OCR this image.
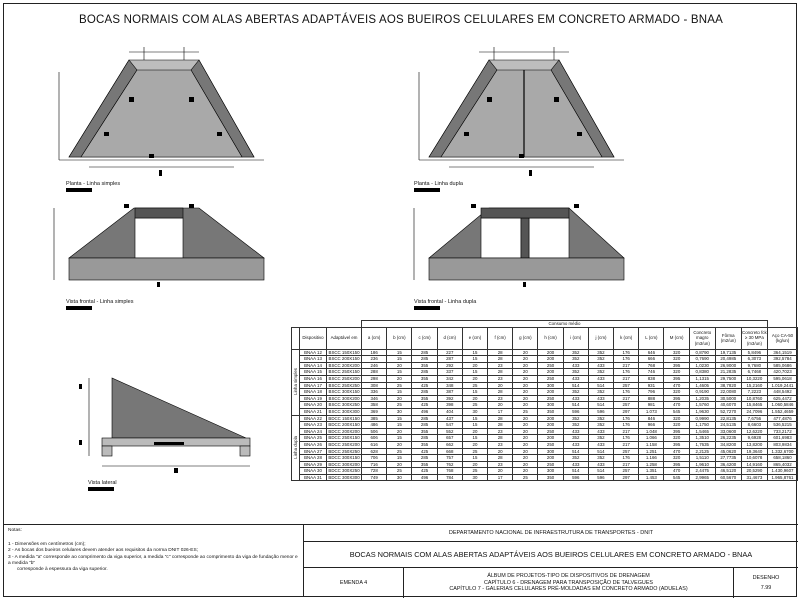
BOCAS NORMAIS COM ALAS ABERTAS ADAPTÁVEIS AOS BUEIROS CELULARES EM CONCRETO ARMADO - BNAA
Planta - Linha simples	Planta - Linha dupla
Vista frontal - Linha simples	Vista frontal - Linha dupla
Vista lateral
			Consumo médio																
	Dispositivo	Adaptável em	a (cm)	b (cm)	c (cm)	d (cm)	e (cm)	f (cm)	g (cm)	h (cm)	i (cm)	j (cm)	k (cm)	L (cm)	M (cm)	Concreto magro (m3/un)	Fôrma (m2/un)	Concreto fck ≥ 30 MPa (m3/un)	Aço CA-50 (kg/un)
Linha simples	BNAA 12	BSCC 150X150	186	15	285	227	15	28	20	200	352	352	176	646	320	0,8790	19,7135	5,8496	364,1519
	BNAA 13	BSCC 200X150	236	15	285	287	15	28	20	200	352	352	176	666	320	0,7690	20,4985	6,3073	392,5784
	BNAA 14	BSCC 200X200	246	20	355	292	20	23	20	250	433	433	217	768	395	1,0230	26,9000	9,7680	585,0686
	BNAA 15	BSCC 250X150	288	15	285	337	15	28	20	200	352	352	176	746	320	0,8380	21,2835	6,7468	420,7023
	BNAA 16	BSCC 250X200	298	20	355	342	20	23	20	250	433	433	217	838	395	1,1315	29,7500	10,3220	595,0618
	BNAA 17	BSCC 250X250	308	25	425	348	25	20	20	300	514	514	257	931	470	1,4605	38,7820	15,2160	1.019,2441
	BNAA 18	BSCC 300X150	336	15	285	387	15	28	20	200	352	352	176	796	320	0,9190	22,0080	7,2223	448,5492
	BNAA 19	BSCC 300X200	346	20	355	392	20	23	20	250	433	433	217	888	395	1,2035	30,5000	10,8760	625,4472
	BNAA 20	BSCC 300X250	358	25	425	398	25	20	20	300	514	514	257	981	470	1,5760	40,6070	15,8465	1.060,5846
	BNAA 21	BSCC 300X300	369	30	496	404	30	17	25	350	596	596	297	1.073	545	1,9630	52,7270	24,7096	1.552,4659
Linha dupla	BNAA 22	BDCC 150X150	385	15	285	437	15	28	20	200	352	352	176	846	320	0,9990	22,8135	7,6756	477,4876
	BNAA 23	BDCC 200X150	486	15	285	547	15	28	20	200	352	352	176	966	320	1,1750	24,5135	8,6603	536,5215
	BNAA 24	BDCC 200X200	506	20	355	552	20	23	20	250	433	433	217	1.048	395	1,5465	33,0600	12,6220	733,2172
	BNAA 25	BDCC 250X150	606	15	285	657	15	28	20	200	352	352	176	1.066	320	1,3510	26,2235	9,6928	601,6983
	BNAA 26	BDCC 250X200	616	20	355	662	20	23	20	250	433	433	217	1.158	395	1,7635	34,8200	13,8200	803,9834
	BNAA 27	BDCC 250X250	628	25	425	668	25	20	20	300	514	514	257	1.251	470	2,2125	45,0620	19,3640	1.332,6700
	BNAA 28	BDCC 300X150	706	15	285	757	15	28	20	200	352	352	176	1.166	320	1,5110	27,7735	10,6078	658,1860
	BNAA 29	BDCC 300X200	716	20	355	762	20	23	20	250	433	433	217	1.258	395	1,9610	36,4200	14,9160	865,4032
	BNAA 30	BDCC 300X250	728	25	425	768	25	20	20	300	514	514	257	1.351	470	2,4475	46,5120	20,5290	1.430,9607
	BNAA 31	BDCC 300X300	749	30	496	784	30	17	25	350	596	596	297	1.453	545	2,9965	60,5670	31,4673	1.965,8761
Notas:
1 - Dimensões em centímetros (cm);
2 - As bocas dos bueiros celulares devem atender aos requisitos da norma DNIT 026-ES;
3 - A medida "a" corresponde ao comprimento da viga superior, a medida "c" corresponde ao comprimento da viga de fundação menor e a medida "b"
corresponde à espessura da viga superior.
DEPARTAMENTO NACIONAL DE INFRAESTRUTURA DE TRANSPORTES - DNIT
BOCAS NORMAIS COM ALAS ABERTAS ADAPTÁVEIS AOS BUEIROS CELULARES EM CONCRETO ARMADO - BNAA
EMENDA 4
ÁLBUM DE PROJETOS-TIPO DE DISPOSITIVOS DE DRENAGEM
CAPÍTULO 6 - DRENAGEM PARA TRANSPOSIÇÃO DE TALVEGUES
CAPÍTULO 7 - GALERIAS CELULARES PRÉ-MOLDADAS EM CONCRETO ARMADO (ADUELAS)
DESENHO
7.99
